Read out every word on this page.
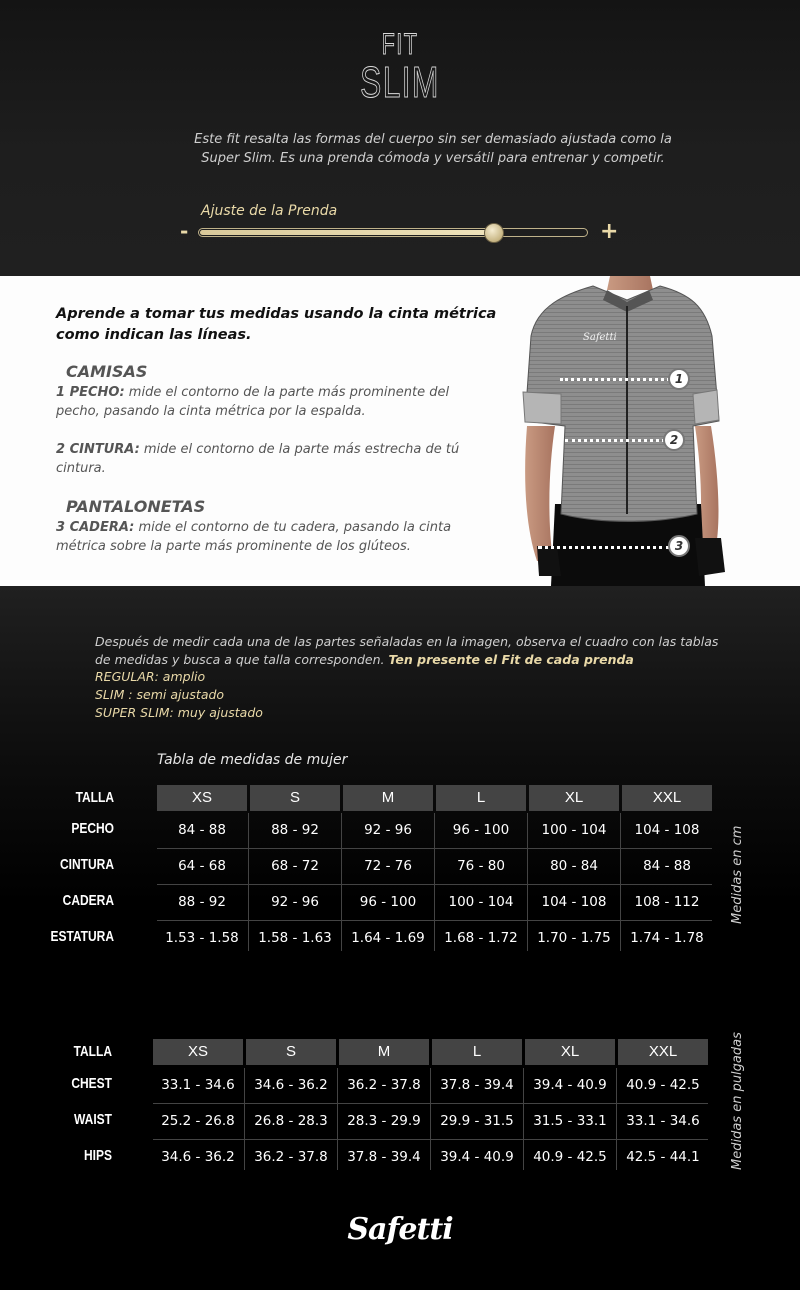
FIT
SLIM
Este fit resalta las formas del cuerpo sin ser demasiado ajustada como la Super Slim. Es una prenda cómoda y versátil para entrenar y competir.
Ajuste de la Prenda
-	+
Aprende a tomar tus medidas usando la cinta métrica como indican las líneas.
CAMISAS
1 PECHO: mide el contorno de la parte más prominente del pecho, pasando la cinta métrica por la espalda.
2 CINTURA: mide el contorno de la parte más estrecha de tú cintura.
PANTALONETAS
3 CADERA: mide el contorno de tu cadera, pasando la cinta métrica sobre la parte más prominente de los glúteos.
Safetti
1
2
3
Después de medir cada una de las partes señaladas en la imagen, observa el cuadro con las tablas de medidas y busca a que talla corresponden. Ten presente el Fit de cada prenda
REGULAR: amplio
SLIM : semi ajustado
SUPER SLIM: muy ajustado
Tabla de medidas de mujer
TALLA	XS	S	M	L	XL	XXL
PECHO	84 - 88	88 - 92	92 - 96	96 - 100	100 - 104	104 - 108
CINTURA	64 - 68	68 - 72	72 - 76	76 - 80	80 - 84	84 - 88
CADERA	88 - 92	92 - 96	96 - 100	100 - 104	104 - 108	108 - 112
ESTATURA	1.53 - 1.58	1.58 - 1.63	1.64 - 1.69	1.68 - 1.72	1.70 - 1.75	1.74 - 1.78
Medidas en cm
TALLA	XS	S	M	L	XL	XXL
CHEST	33.1 - 34.6	34.6 - 36.2	36.2 - 37.8	37.8 - 39.4	39.4 - 40.9	40.9 - 42.5
WAIST	25.2 - 26.8	26.8 - 28.3	28.3 - 29.9	29.9 - 31.5	31.5 - 33.1	33.1 - 34.6
HIPS	34.6 - 36.2	36.2 - 37.8	37.8 - 39.4	39.4 - 40.9	40.9 - 42.5	42.5 - 44.1	Medidas en pulgadas
Safetti
